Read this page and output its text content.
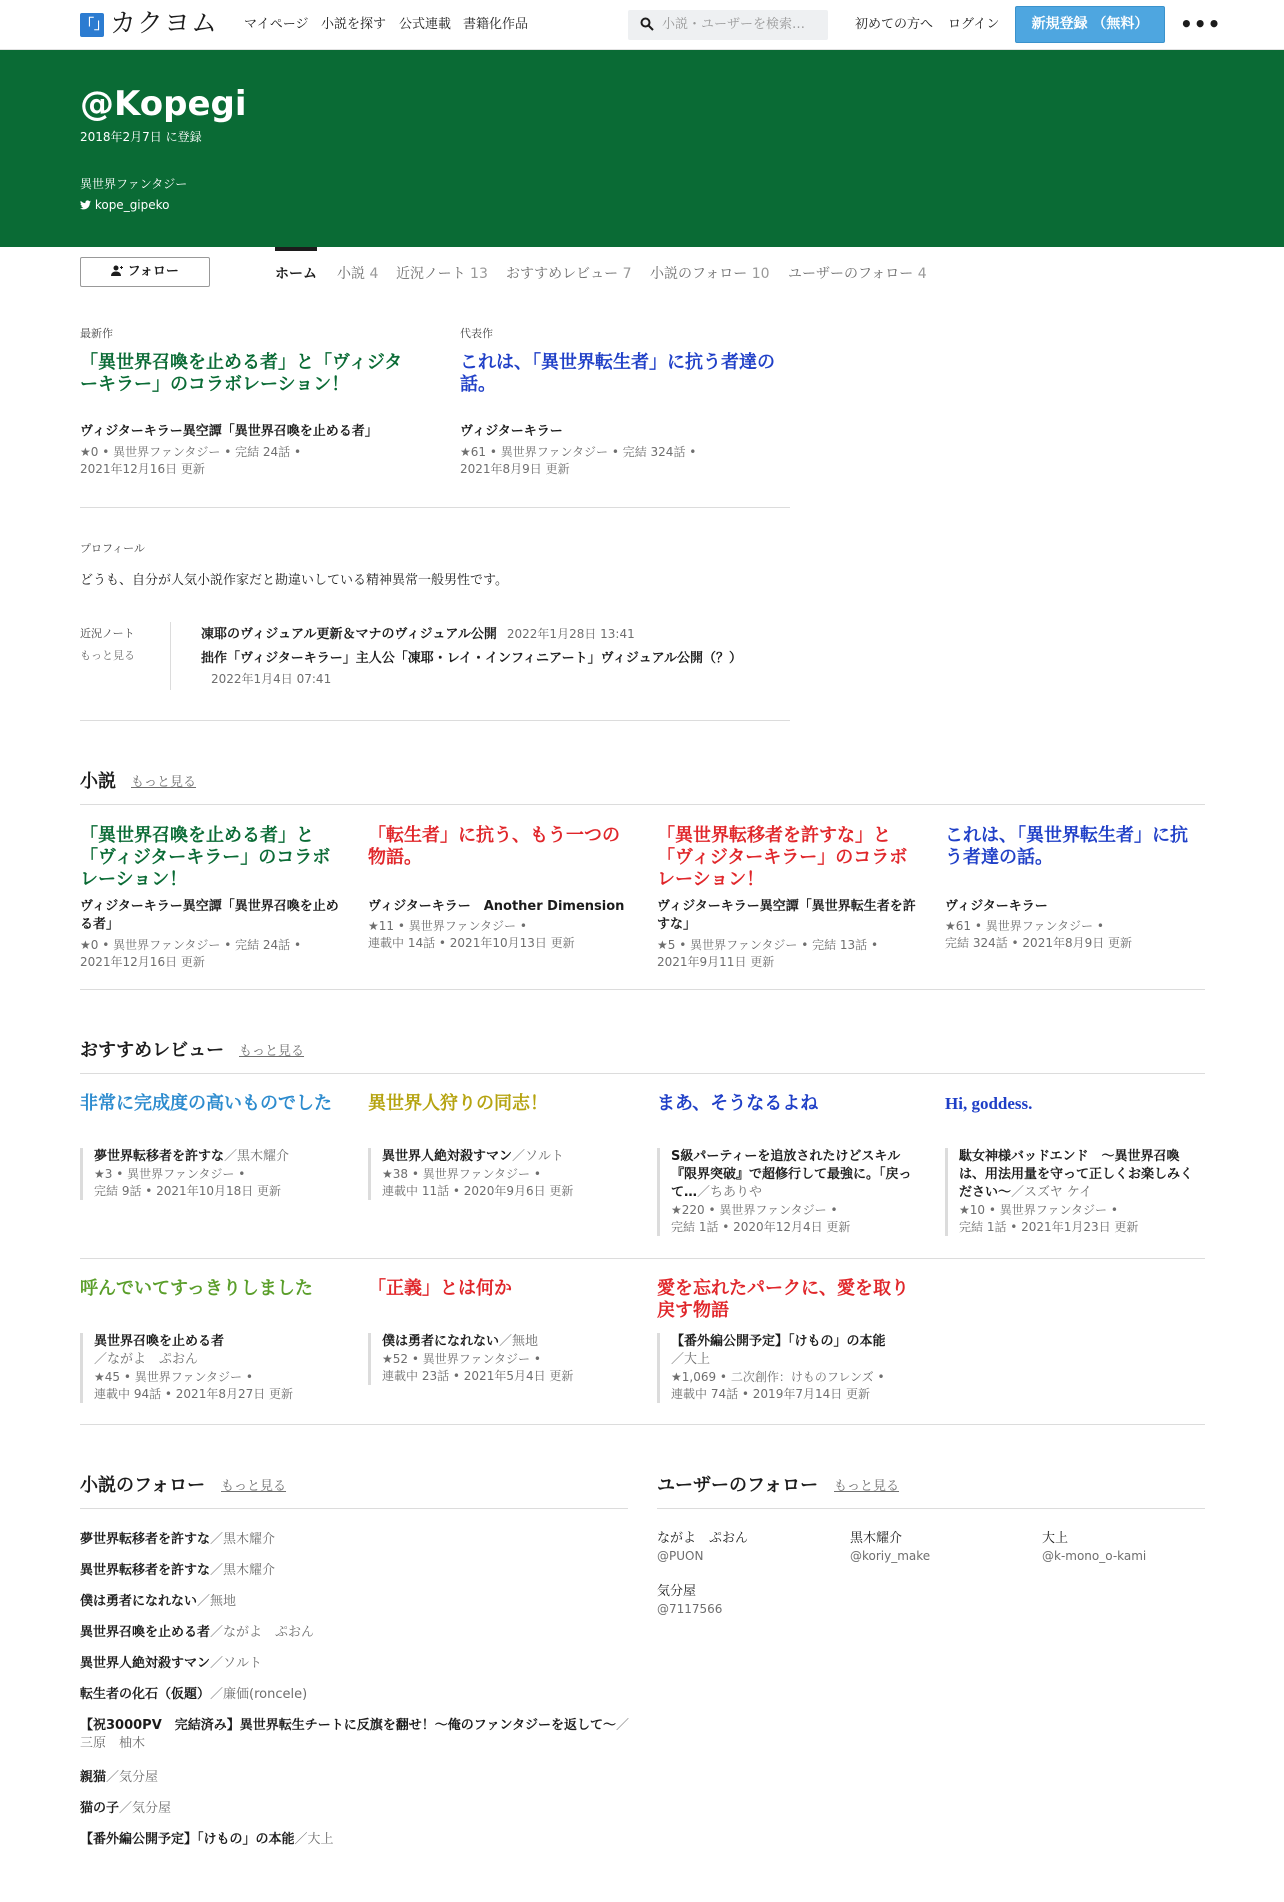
「」 カクヨム マイページ 小説を探す 公式連載 書籍化作品	小説・ユーザーを検索…	初めての方へ ログイン	新規登録 （無料）	•••
@Kopegi
2018年2月7日 に登録
異世界ファンタジー
kope_gipeko
フォロー	ホーム 小説 4 近況ノート 13 おすすめレビュー 7 小説のフォロー 10 ユーザーのフォロー 4
最新作
「異世界召喚を止める者」と「ヴィジターキラー」のコラボレーション！
ヴィジターキラー異空譚「異世界召喚を止める者」
★0 • 異世界ファンタジー • 完結 24話 •
2021年12月16日 更新
代表作
これは、「異世界転生者」に抗う者達の話。
ヴィジターキラー
★61 • 異世界ファンタジー • 完結 324話 •
2021年8月9日 更新
プロフィール
どうも、自分が人気小説作家だと勘違いしている精神異常一般男性です。
近況ノート
もっと見る
凍耶のヴィジュアル更新＆マナのヴィジュアル公開 2022年1月28日 13:41
拙作「ヴィジターキラー」主人公「凍耶・レイ・インフィニアート」ヴィジュアル公開（？）2022年1月4日 07:41
小説 もっと見る
「異世界召喚を止める者」と「ヴィジターキラー」のコラボレーション！
ヴィジターキラー異空譚「異世界召喚を止める者」
★0 • 異世界ファンタジー • 完結 24話 •
2021年12月16日 更新
「転生者」に抗う、もう一つの物語。
ヴィジターキラー　Another Dimension
★11 • 異世界ファンタジー •
連載中 14話 • 2021年10月13日 更新
「異世界転移者を許すな」と「ヴィジターキラー」のコラボレーション！
ヴィジターキラー異空譚「異世界転生者を許すな」
★5 • 異世界ファンタジー • 完結 13話 •
2021年9月11日 更新
これは、「異世界転生者」に抗う者達の話。
ヴィジターキラー
★61 • 異世界ファンタジー •
完結 324話 • 2021年8月9日 更新
おすすめレビュー もっと見る
非常に完成度の高いものでした
夢世界転移者を許すな／黒木耀介
★3 • 異世界ファンタジー •
完結 9話 • 2021年10月18日 更新
異世界人狩りの同志！
異世界人絶対殺すマン／ソルト
★38 • 異世界ファンタジー •
連載中 11話 • 2020年9月6日 更新
まあ、そうなるよね
S級パーティーを追放されたけどスキル『限界突破』で超修行して最強に。「戻って…／ちありや
★220 • 異世界ファンタジー •
完結 1話 • 2020年12月4日 更新
Hi, goddess.
駄女神様バッドエンド　～異世界召喚は、用法用量を守って正しくお楽しみください～／スズヤ ケイ
★10 • 異世界ファンタジー •
完結 1話 • 2021年1月23日 更新
呼んでいてすっきりしました
異世界召喚を止める者
／ながよ　ぷおん
★45 • 異世界ファンタジー •
連載中 94話 • 2021年8月27日 更新
「正義」とは何か
僕は勇者になれない／無地
★52 • 異世界ファンタジー •
連載中 23話 • 2021年5月4日 更新
愛を忘れたパークに、愛を取り戻す物語
【番外編公開予定】「けもの」の本能
／大上
★1,069 • 二次創作：けものフレンズ •
連載中 74話 • 2019年7月14日 更新
小説のフォロー もっと見る
夢世界転移者を許すな／黒木耀介
異世界転移者を許すな／黒木耀介
僕は勇者になれない／無地
異世界召喚を止める者／ながよ　ぷおん
異世界人絶対殺すマン／ソルト
転生者の化石（仮題）／廉価(roncele)
【祝3000PV　完結済み】異世界転生チートに反旗を翻せ！〜俺のファンタジーを返して〜／三原　柚木
親猫／気分屋
猫の子／気分屋
【番外編公開予定】「けもの」の本能／大上
ユーザーのフォロー もっと見る
ながよ　ぷおん
@PUON
黒木耀介
@koriy_make
大上
@k-mono_o-kami
気分屋
@7117566
